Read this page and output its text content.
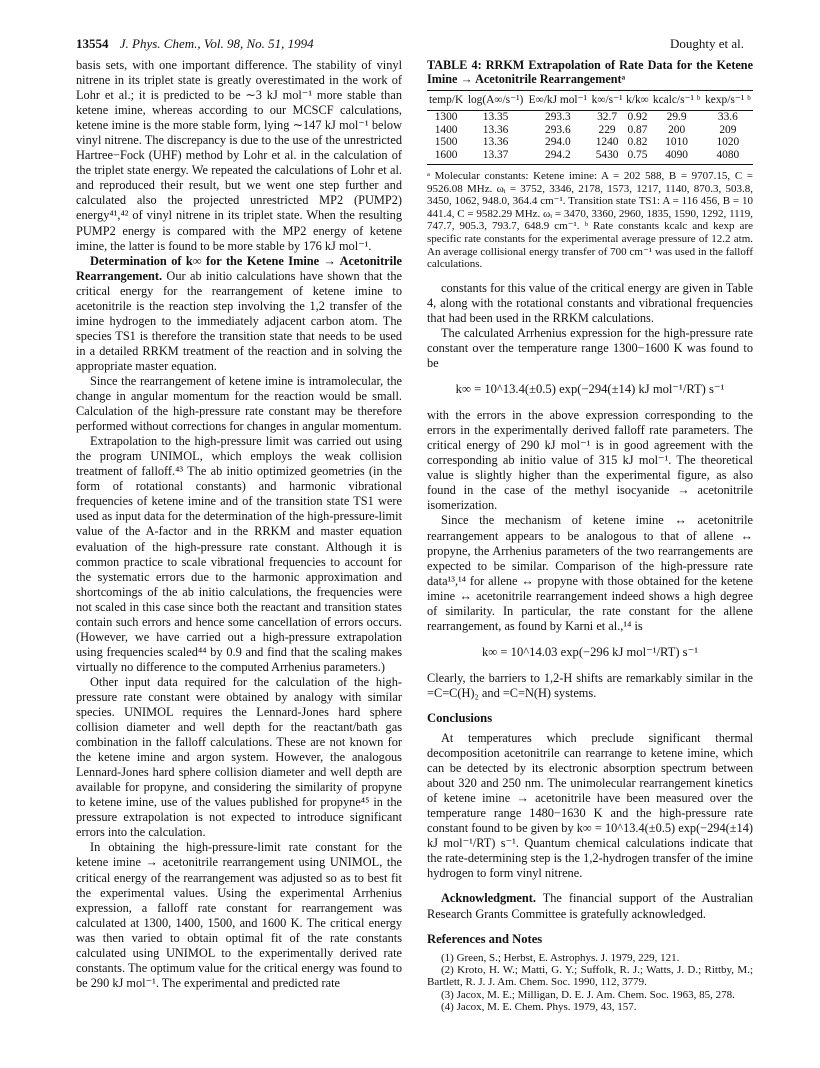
13554 J. Phys. Chem., Vol. 98, No. 51, 1994	Doughty et al.

basis sets, with one important difference. The stability of vinyl nitrene in its triplet state is greatly overestimated in the work of Lohr et al.; it is predicted to be ∼3 kJ mol⁻¹ more stable than ketene imine, whereas according to our MCSCF calculations, ketene imine is the more stable form, lying ∼147 kJ mol⁻¹ below vinyl nitrene. The discrepancy is due to the use of the unrestricted Hartree−Fock (UHF) method by Lohr et al. in the calculation of the triplet state energy. We repeated the calculations of Lohr et al. and reproduced their result, but we went one step further and calculated also the projected unrestricted MP2 (PUMP2) energy⁴¹,⁴² of vinyl nitrene in its triplet state. When the resulting PUMP2 energy is compared with the MP2 energy of ketene imine, the latter is found to be more stable by 176 kJ mol⁻¹.

Determination of k∞ for the Ketene Imine → Acetonitrile Rearrangement. Our ab initio calculations have shown that the critical energy for the rearrangement of ketene imine to acetonitrile is the reaction step involving the 1,2 transfer of the imine hydrogen to the immediately adjacent carbon atom. The species TS1 is therefore the transition state that needs to be used in a detailed RRKM treatment of the reaction and in solving the appropriate master equation.

Since the rearrangement of ketene imine is intramolecular, the change in angular momentum for the reaction would be small. Calculation of the high-pressure rate constant may be therefore performed without corrections for changes in angular momentum.

Extrapolation to the high-pressure limit was carried out using the program UNIMOL, which employs the weak collision treatment of falloff.⁴³ The ab initio optimized geometries (in the form of rotational constants) and harmonic vibrational frequencies of ketene imine and of the transition state TS1 were used as input data for the determination of the high-pressure-limit value of the A-factor and in the RRKM and master equation evaluation of the high-pressure rate constant. Although it is common practice to scale vibrational frequencies to account for the systematic errors due to the harmonic approximation and shortcomings of the ab initio calculations, the frequencies were not scaled in this case since both the reactant and transition states contain such errors and hence some cancellation of errors occurs. (However, we have carried out a high-pressure extrapolation using frequencies scaled⁴⁴ by 0.9 and find that the scaling makes virtually no difference to the computed Arrhenius parameters.)

Other input data required for the calculation of the high-pressure rate constant were obtained by analogy with similar species. UNIMOL requires the Lennard-Jones hard sphere collision diameter and well depth for the reactant/bath gas combination in the falloff calculations. These are not known for the ketene imine and argon system. However, the analogous Lennard-Jones hard sphere collision diameter and well depth are available for propyne, and considering the similarity of propyne to ketene imine, use of the values published for propyne⁴⁵ in the pressure extrapolation is not expected to introduce significant errors into the calculation.

In obtaining the high-pressure-limit rate constant for the ketene imine → acetonitrile rearrangement using UNIMOL, the critical energy of the rearrangement was adjusted so as to best fit the experimental values. Using the experimental Arrhenius expression, a falloff rate constant for rearrangement was calculated at 1300, 1400, 1500, and 1600 K. The critical energy was then varied to obtain optimal fit of the rate constants calculated using UNIMOL to the experimentally derived rate constants. The optimum value for the critical energy was found to be 290 kJ mol⁻¹. The experimental and predicted rate

TABLE 4: RRKM Extrapolation of Rate Data for the Ketene Imine → Acetonitrile Rearrangementᵃ
temp/K	log(A∞/s⁻¹)	E∞/kJ mol⁻¹	k∞/s⁻¹	k/k∞	kcalc/s⁻¹ ᵇ	kexp/s⁻¹ ᵇ
1300	13.35	293.3	32.7	0.92	29.9	33.6
1400	13.36	293.6	229	0.87	200	209
1500	13.36	294.0	1240	0.82	1010	1020
1600	13.37	294.2	5430	0.75	4090	4080
ᵃ Molecular constants: Ketene imine: A = 202 588, B = 9707.15, C = 9526.08 MHz. ωᵢ = 3752, 3346, 2178, 1573, 1217, 1140, 870.3, 503.8, 3450, 1062, 948.0, 364.4 cm⁻¹. Transition state TS1: A = 116 456, B = 10 441.4, C = 9582.29 MHz. ωᵢ = 3470, 3360, 2960, 1835, 1590, 1292, 1119, 747.7, 905.3, 793.7, 648.9 cm⁻¹. ᵇ Rate constants kcalc and kexp are specific rate constants for the experimental average pressure of 12.2 atm. An average collisional energy transfer of 700 cm⁻¹ was used in the falloff calculations.

constants for this value of the critical energy are given in Table 4, along with the rotational constants and vibrational frequencies that had been used in the RRKM calculations.

The calculated Arrhenius expression for the high-pressure rate constant over the temperature range 1300−1600 K was found to be

k∞ = 10^13.4(±0.5) exp(−294(±14) kJ mol⁻¹/RT) s⁻¹

with the errors in the above expression corresponding to the errors in the experimentally derived falloff rate parameters. The critical energy of 290 kJ mol⁻¹ is in good agreement with the corresponding ab initio value of 315 kJ mol⁻¹. The theoretical value is slightly higher than the experimental figure, as also found in the case of the methyl isocyanide → acetonitrile isomerization.

Since the mechanism of ketene imine ↔ acetonitrile rearrangement appears to be analogous to that of allene ↔ propyne, the Arrhenius parameters of the two rearrangements are expected to be similar. Comparison of the high-pressure rate data¹³,¹⁴ for allene ↔ propyne with those obtained for the ketene imine ↔ acetonitrile rearrangement indeed shows a high degree of similarity. In particular, the rate constant for the allene rearrangement, as found by Karni et al.,¹⁴ is

k∞ = 10^14.03 exp(−296 kJ mol⁻¹/RT) s⁻¹

Clearly, the barriers to 1,2-H shifts are remarkably similar in the =C=C(H)₂ and =C=N(H) systems.

Conclusions

At temperatures which preclude significant thermal decomposition acetonitrile can rearrange to ketene imine, which can be detected by its electronic absorption spectrum between about 320 and 250 nm. The unimolecular rearrangement kinetics of ketene imine → acetonitrile have been measured over the temperature range 1480−1630 K and the high-pressure rate constant found to be given by k∞ = 10^13.4(±0.5) exp(−294(±14) kJ mol⁻¹/RT) s⁻¹. Quantum chemical calculations indicate that the rate-determining step is the 1,2-hydrogen transfer of the imine hydrogen to form vinyl nitrene.

Acknowledgment. The financial support of the Australian Research Grants Committee is gratefully acknowledged.

References and Notes

(1) Green, S.; Herbst, E. Astrophys. J. 1979, 229, 121.

(2) Kroto, H. W.; Matti, G. Y.; Suffolk, R. J.; Watts, J. D.; Rittby, M.; Bartlett, R. J. J. Am. Chem. Soc. 1990, 112, 3779.

(3) Jacox, M. E.; Milligan, D. E. J. Am. Chem. Soc. 1963, 85, 278.

(4) Jacox, M. E. Chem. Phys. 1979, 43, 157.
